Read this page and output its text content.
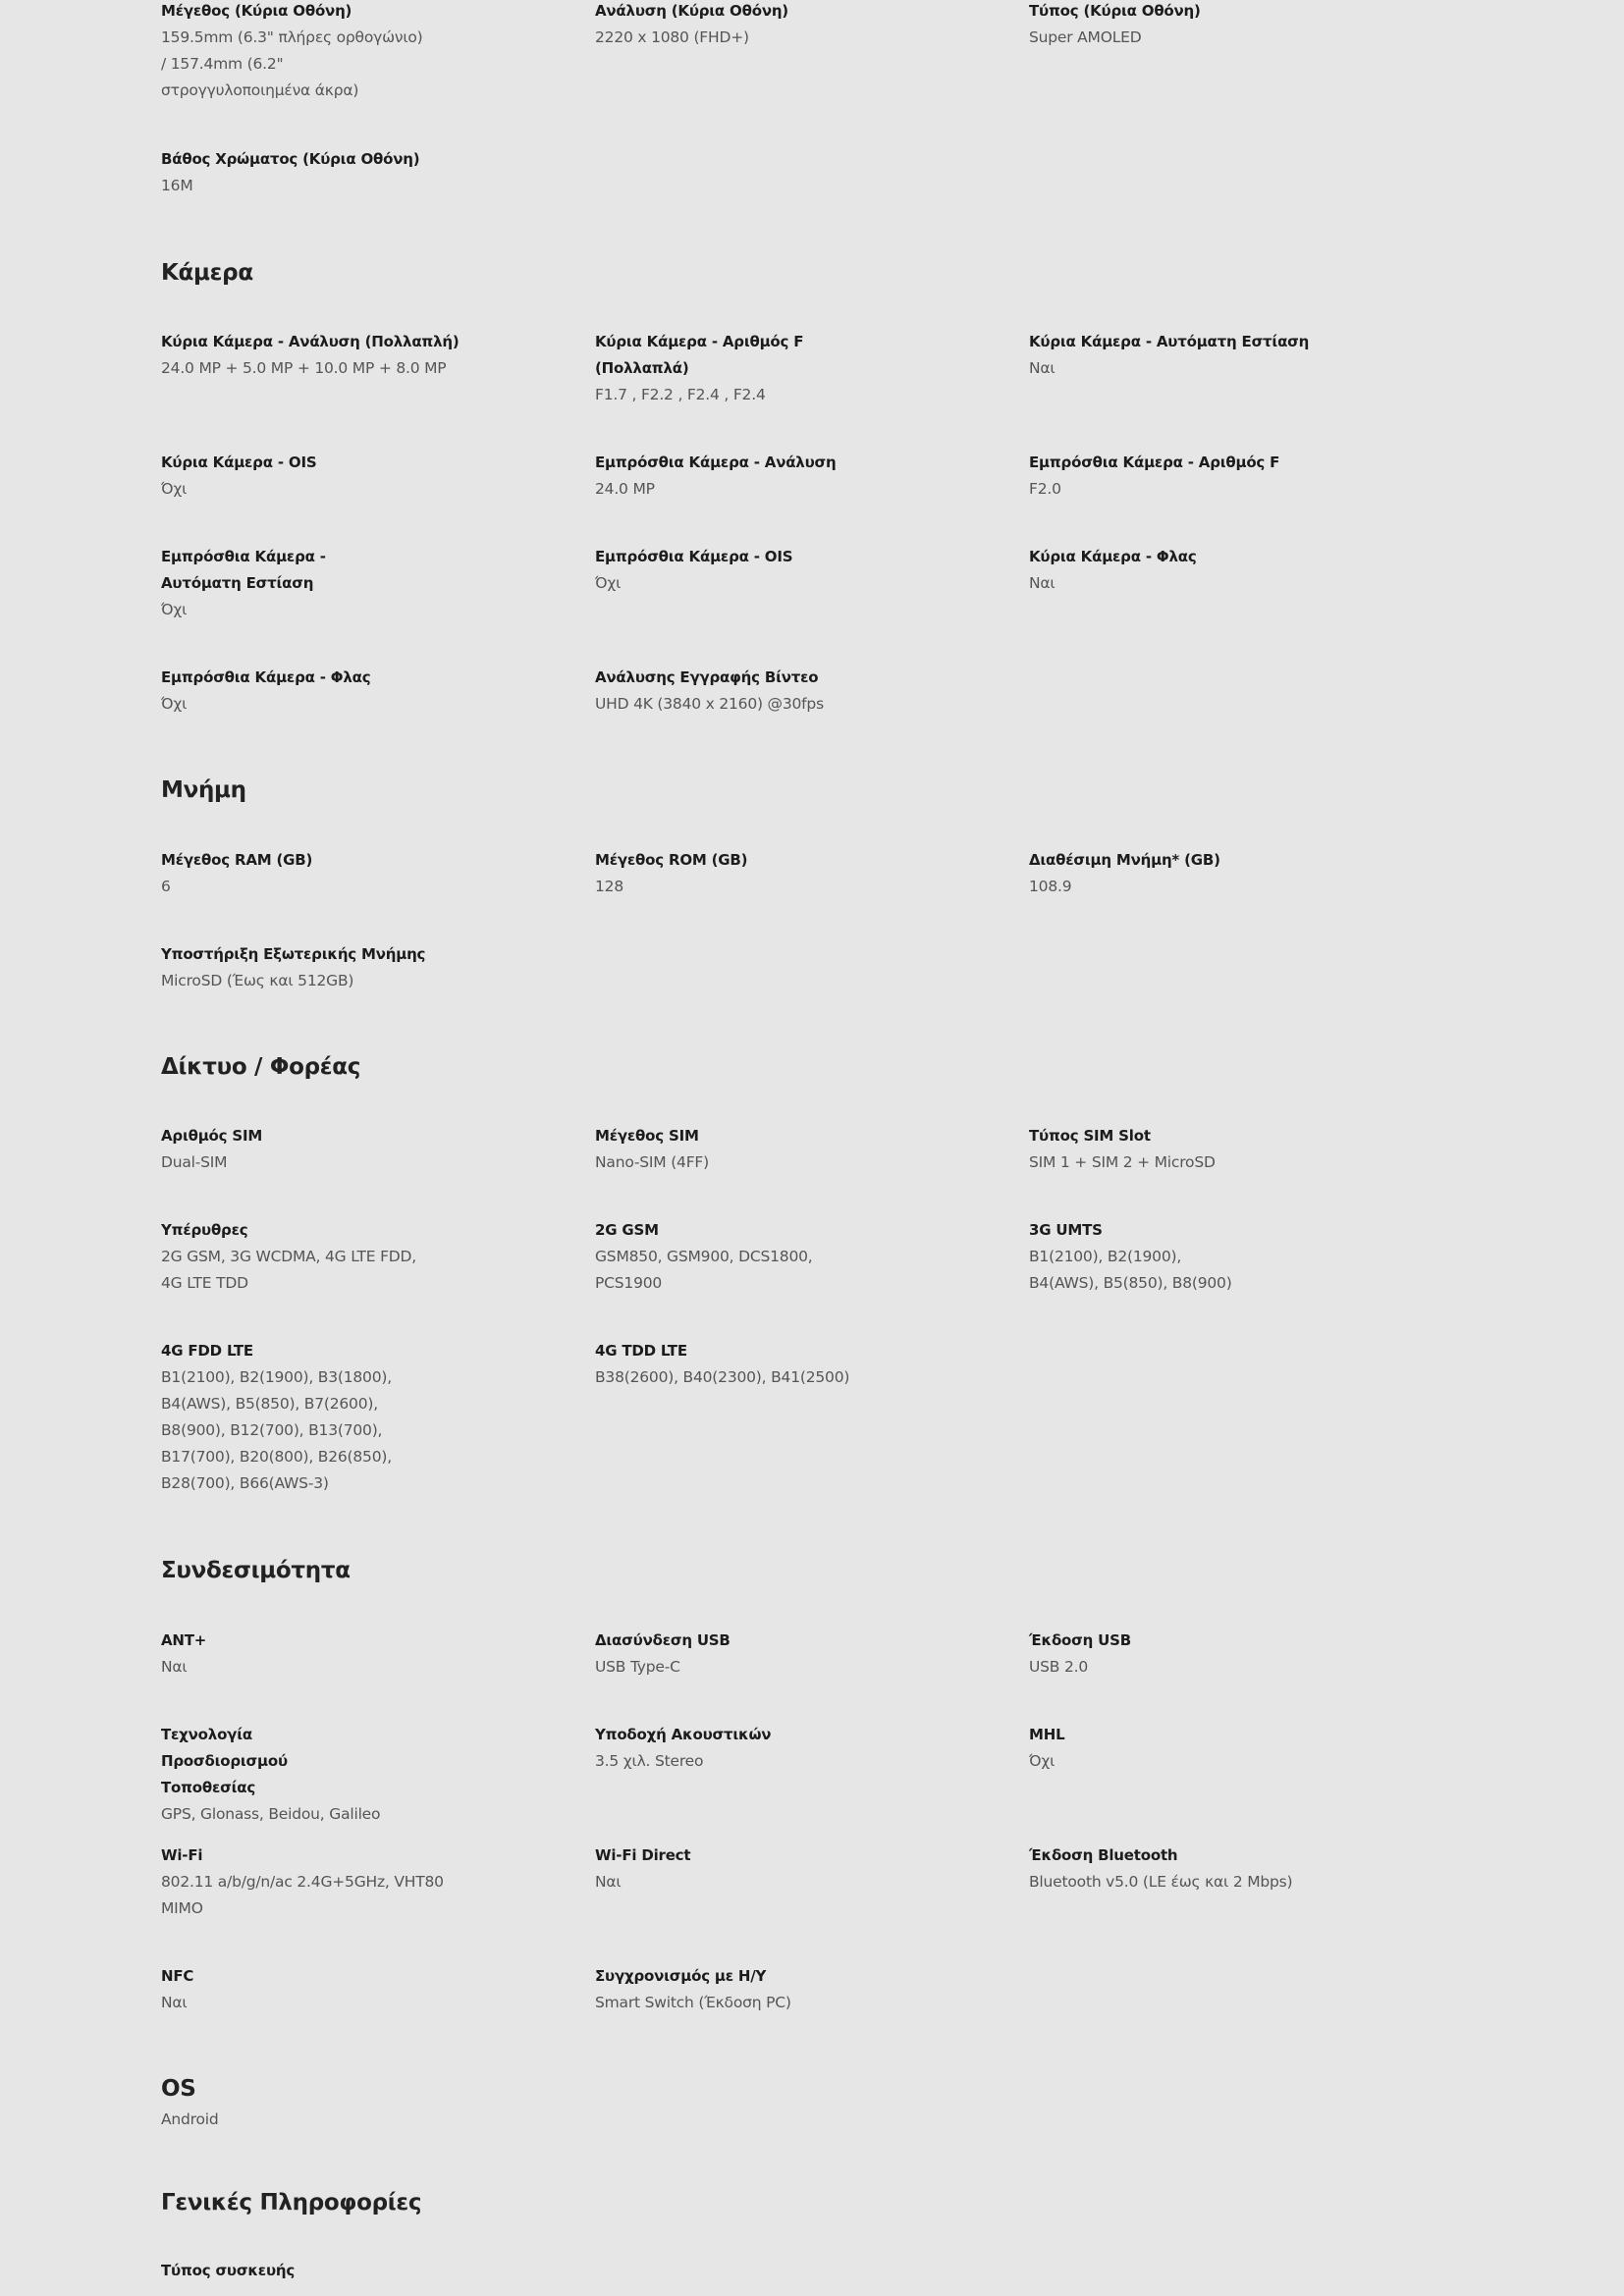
Μέγεθος (Κύρια Οθόνη)
159.5mm (6.3" πλήρες ορθογώνιο) / 157.4mm (6.2" στρογγυλοποιημένα άκρα)
Ανάλυση (Κύρια Οθόνη)
2220 x 1080 (FHD+)
Τύπος (Κύρια Οθόνη)
Super AMOLED
Βάθος Χρώματος (Κύρια Οθόνη)
16M
Κάμερα
Κύρια Κάμερα - Ανάλυση (Πολλαπλή)
24.0 MP + 5.0 MP + 10.0 MP + 8.0 MP
Κύρια Κάμερα - Αριθμός F (Πολλαπλά)
F1.7 , F2.2 , F2.4 , F2.4
Κύρια Κάμερα - Αυτόματη Εστίαση
Ναι
Κύρια Κάμερα - OIS
Όχι
Εμπρόσθια Κάμερα - Ανάλυση
24.0 MP
Εμπρόσθια Κάμερα - Αριθμός F
F2.0
Εμπρόσθια Κάμερα - Αυτόματη Εστίαση
Όχι
Εμπρόσθια Κάμερα - OIS
Όχι
Κύρια Κάμερα - Φλας
Ναι
Εμπρόσθια Κάμερα - Φλας
Όχι
Ανάλυσης Εγγραφής Βίντεο
UHD 4K (3840 x 2160) @30fps
Μνήμη
Μέγεθος RAM (GB)
6
Μέγεθος ROM (GB)
128
Διαθέσιμη Μνήμη* (GB)
108.9
Υποστήριξη Εξωτερικής Μνήμης
MicroSD (Έως και 512GB)
Δίκτυο / Φορέας
Αριθμός SIM
Dual-SIM
Μέγεθος SIM
Nano-SIM (4FF)
Τύπος SIM Slot
SIM 1 + SIM 2 + MicroSD
Υπέρυθρες
2G GSM, 3G WCDMA, 4G LTE FDD, 4G LTE TDD
2G GSM
GSM850, GSM900, DCS1800, PCS1900
3G UMTS
B1(2100), B2(1900), B4(AWS), B5(850), B8(900)
4G FDD LTE
B1(2100), B2(1900), B3(1800), B4(AWS), B5(850), B7(2600), B8(900), B12(700), B13(700), B17(700), B20(800), B26(850), B28(700), B66(AWS-3)
4G TDD LTE
B38(2600), B40(2300), B41(2500)
Συνδεσιμότητα
ANT+
Ναι
Διασύνδεση USB
USB Type-C
Έκδοση USB
USB 2.0
Τεχνολογία Προσδιορισμού Τοποθεσίας
GPS, Glonass, Beidou, Galileo
Υποδοχή Ακουστικών
3.5 χιλ. Stereo
MHL
Όχι
Wi-Fi
802.11 a/b/g/n/ac 2.4G+5GHz, VHT80 MIMO
Wi-Fi Direct
Ναι
Έκδοση Bluetooth
Bluetooth v5.0 (LE έως και 2 Mbps)
NFC
Ναι
Συγχρονισμός με Η/Υ
Smart Switch (Έκδοση PC)
OS
Android
Γενικές Πληροφορίες
Τύπος συσκευής
